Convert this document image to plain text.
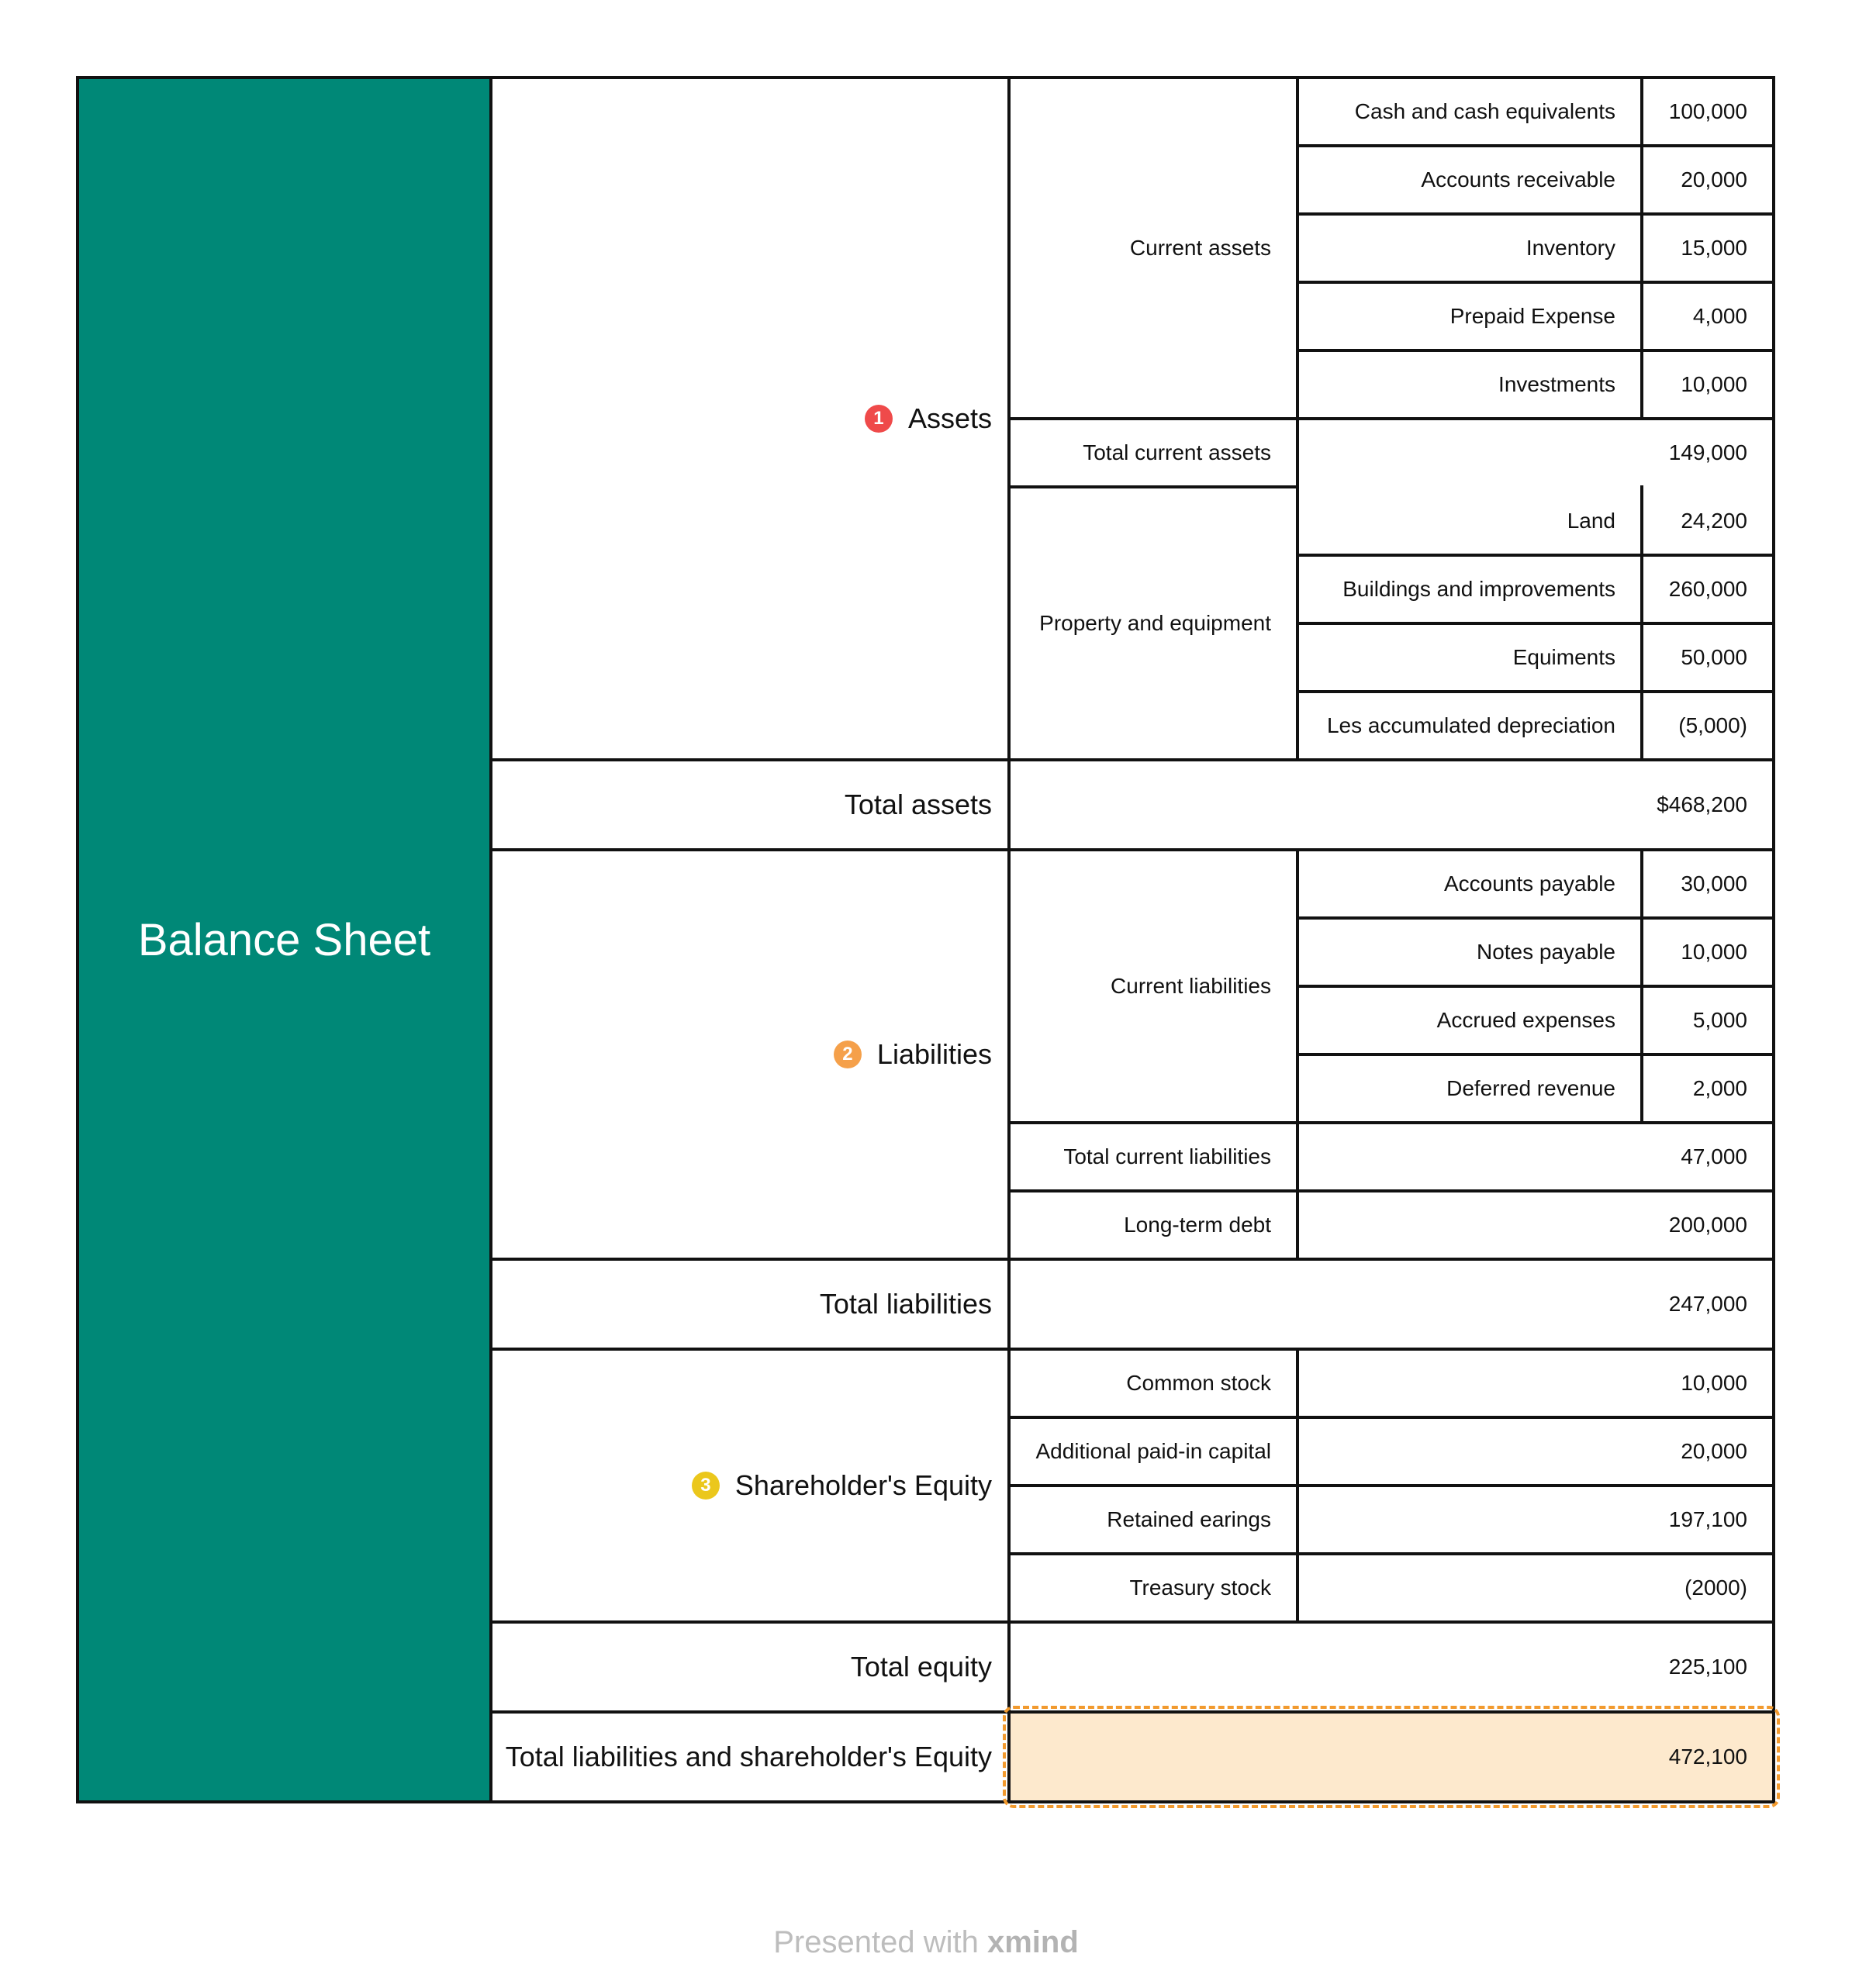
Balance Sheet
1 Assets
Current assets
Cash and cash equivalents	100,000
Accounts receivable	20,000
Inventory	15,000
Prepaid Expense	4,000
Investments	10,000
Total current assets	149,000
Property and equipment
Land	24,200
Buildings and improvements	260,000
Equiments	50,000
Les accumulated depreciation	(5,000)
Total assets	$468,200
2 Liabilities
Current liabilities
Accounts payable	30,000
Notes payable	10,000
Accrued expenses	5,000
Deferred revenue	2,000
Total current liabilities	47,000
Long-term debt	200,000
Total liabilities	247,000
3 Shareholder's Equity
Common stock	10,000
Additional paid-in capital	20,000
Retained earings	197,100
Treasury stock	(2000)
Total equity	225,100
Total liabilities and shareholder's Equity	472,100
Presented with xmind
